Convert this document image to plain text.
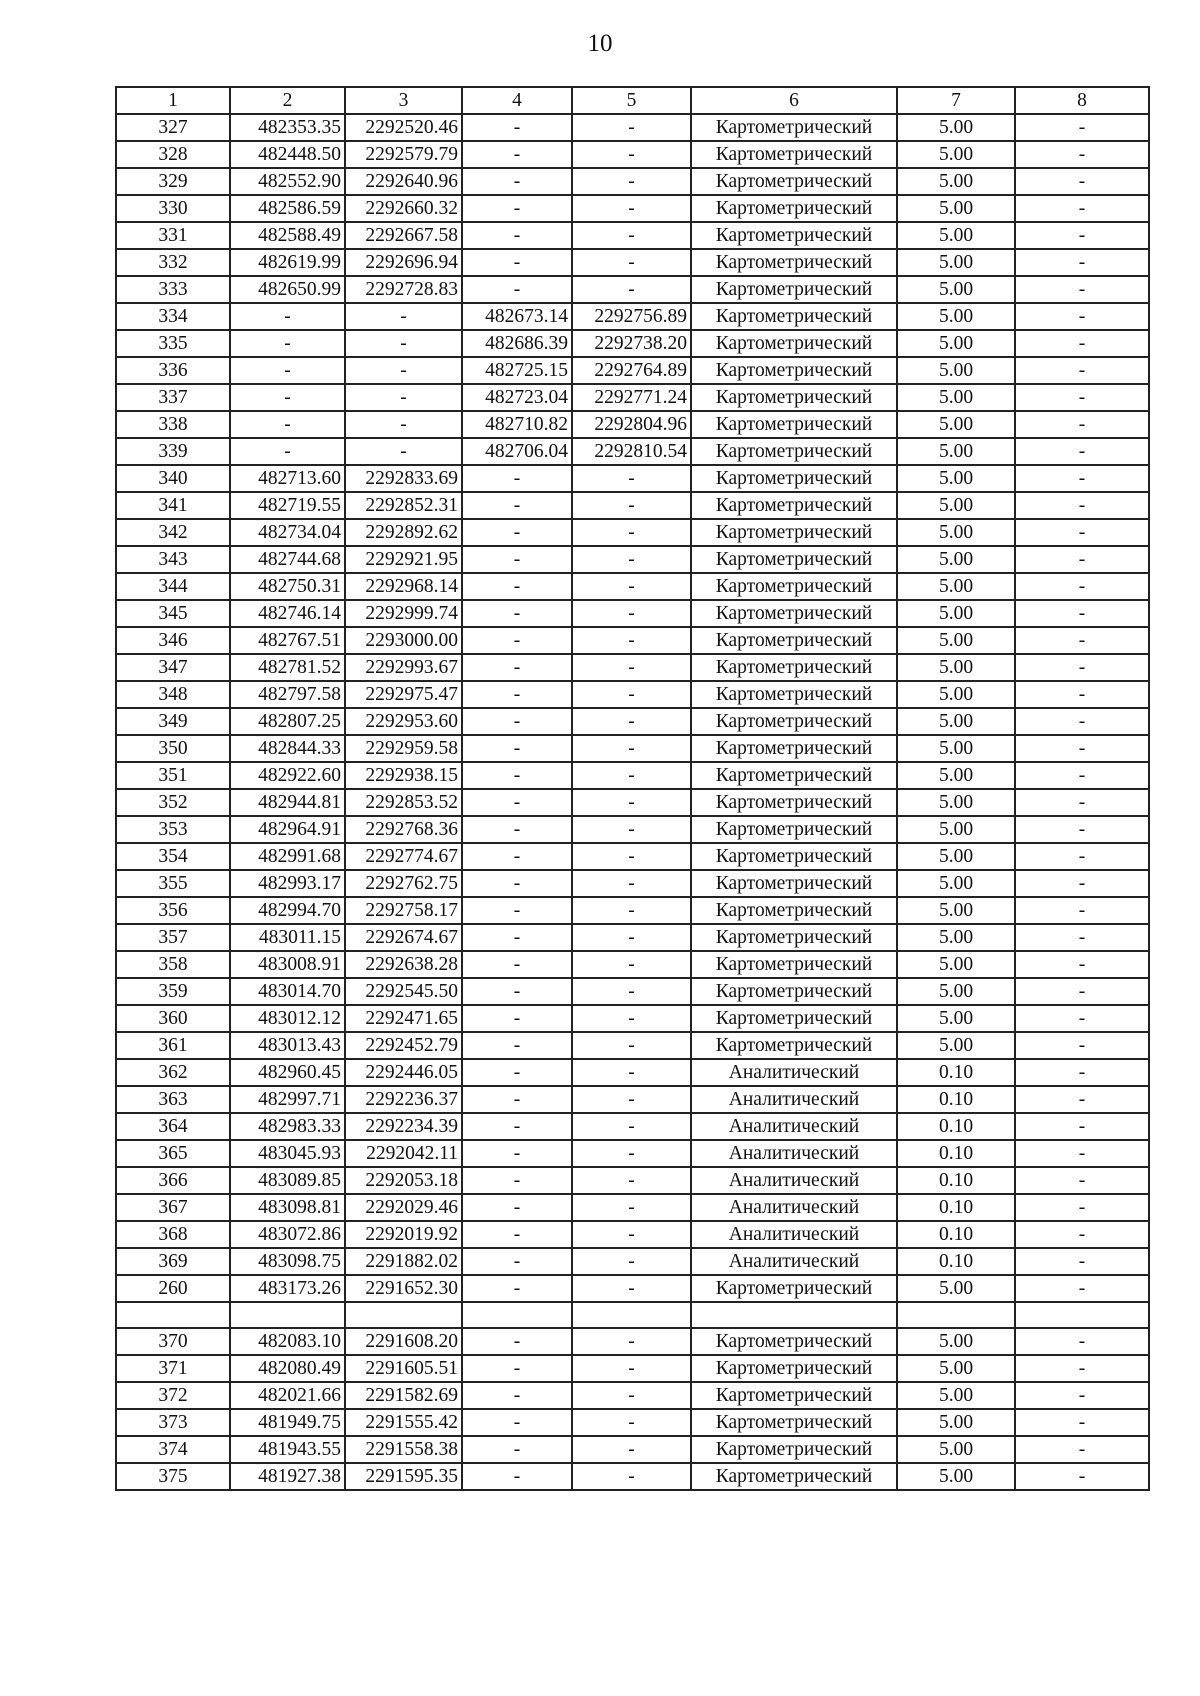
10
1	2	3	4	5	6	7	8
327	482353.35	2292520.46	-	-	Картометрический	5.00	-
328	482448.50	2292579.79	-	-	Картометрический	5.00	-
329	482552.90	2292640.96	-	-	Картометрический	5.00	-
330	482586.59	2292660.32	-	-	Картометрический	5.00	-
331	482588.49	2292667.58	-	-	Картометрический	5.00	-
332	482619.99	2292696.94	-	-	Картометрический	5.00	-
333	482650.99	2292728.83	-	-	Картометрический	5.00	-
334	-	-	482673.14	2292756.89	Картометрический	5.00	-
335	-	-	482686.39	2292738.20	Картометрический	5.00	-
336	-	-	482725.15	2292764.89	Картометрический	5.00	-
337	-	-	482723.04	2292771.24	Картометрический	5.00	-
338	-	-	482710.82	2292804.96	Картометрический	5.00	-
339	-	-	482706.04	2292810.54	Картометрический	5.00	-
340	482713.60	2292833.69	-	-	Картометрический	5.00	-
341	482719.55	2292852.31	-	-	Картометрический	5.00	-
342	482734.04	2292892.62	-	-	Картометрический	5.00	-
343	482744.68	2292921.95	-	-	Картометрический	5.00	-
344	482750.31	2292968.14	-	-	Картометрический	5.00	-
345	482746.14	2292999.74	-	-	Картометрический	5.00	-
346	482767.51	2293000.00	-	-	Картометрический	5.00	-
347	482781.52	2292993.67	-	-	Картометрический	5.00	-
348	482797.58	2292975.47	-	-	Картометрический	5.00	-
349	482807.25	2292953.60	-	-	Картометрический	5.00	-
350	482844.33	2292959.58	-	-	Картометрический	5.00	-
351	482922.60	2292938.15	-	-	Картометрический	5.00	-
352	482944.81	2292853.52	-	-	Картометрический	5.00	-
353	482964.91	2292768.36	-	-	Картометрический	5.00	-
354	482991.68	2292774.67	-	-	Картометрический	5.00	-
355	482993.17	2292762.75	-	-	Картометрический	5.00	-
356	482994.70	2292758.17	-	-	Картометрический	5.00	-
357	483011.15	2292674.67	-	-	Картометрический	5.00	-
358	483008.91	2292638.28	-	-	Картометрический	5.00	-
359	483014.70	2292545.50	-	-	Картометрический	5.00	-
360	483012.12	2292471.65	-	-	Картометрический	5.00	-
361	483013.43	2292452.79	-	-	Картометрический	5.00	-
362	482960.45	2292446.05	-	-	Аналитический	0.10	-
363	482997.71	2292236.37	-	-	Аналитический	0.10	-
364	482983.33	2292234.39	-	-	Аналитический	0.10	-
365	483045.93	2292042.11	-	-	Аналитический	0.10	-
366	483089.85	2292053.18	-	-	Аналитический	0.10	-
367	483098.81	2292029.46	-	-	Аналитический	0.10	-
368	483072.86	2292019.92	-	-	Аналитический	0.10	-
369	483098.75	2291882.02	-	-	Аналитический	0.10	-
260	483173.26	2291652.30	-	-	Картометрический	5.00	-

370	482083.10	2291608.20	-	-	Картометрический	5.00	-
371	482080.49	2291605.51	-	-	Картометрический	5.00	-
372	482021.66	2291582.69	-	-	Картометрический	5.00	-
373	481949.75	2291555.42	-	-	Картометрический	5.00	-
374	481943.55	2291558.38	-	-	Картометрический	5.00	-
375	481927.38	2291595.35	-	-	Картометрический	5.00	-
